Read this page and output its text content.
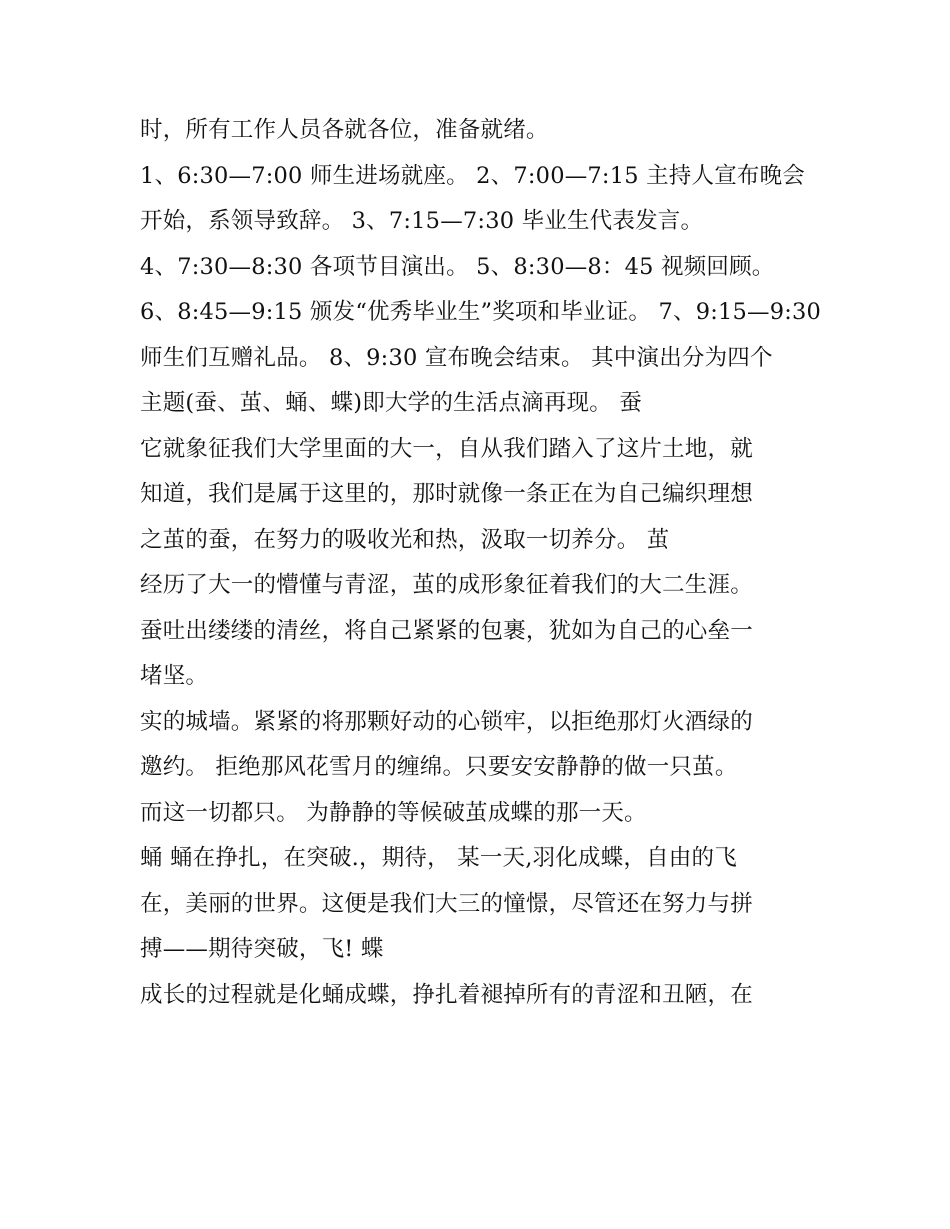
时，所有工作人员各就各位，准备就绪。
1、6:30—7:00 师生进场就座。 2、7:00—7:15 主持人宣布晚会
开始，系领导致辞。 3、7:15—7:30 毕业生代表发言。
4、7:30—8:30 各项节目演出。 5、8:30—8：45 视频回顾。
6、8:45—9:15 颁发“优秀毕业生”奖项和毕业证。 7、9:15—9:30
师生们互赠礼品。 8、9:30 宣布晚会结束。 其中演出分为四个
主题(蚕、茧、蛹、蝶)即大学的生活点滴再现。 蚕
它就象征我们大学里面的大一，自从我们踏入了这片土地，就
知道，我们是属于这里的，那时就像一条正在为自己编织理想
之茧的蚕，在努力的吸收光和热，汲取一切养分。 茧
经历了大一的懵懂与青涩，茧的成形象征着我们的大二生涯。
蚕吐出缕缕的清丝，将自己紧紧的包裹，犹如为自己的心垒一
堵坚。
实的城墙。紧紧的将那颗好动的心锁牢，以拒绝那灯火酒绿的
邀约。 拒绝那风花雪月的缠绵。只要安安静静的做一只茧。
而这一切都只。 为静静的等候破茧成蝶的那一天。
蛹 蛹在挣扎，在突破.，期待， 某一天,羽化成蝶，自由的飞
在，美丽的世界。这便是我们大三的憧憬，尽管还在努力与拼
搏——期待突破，飞! 蝶
成长的过程就是化蛹成蝶，挣扎着褪掉所有的青涩和丑陋，在
